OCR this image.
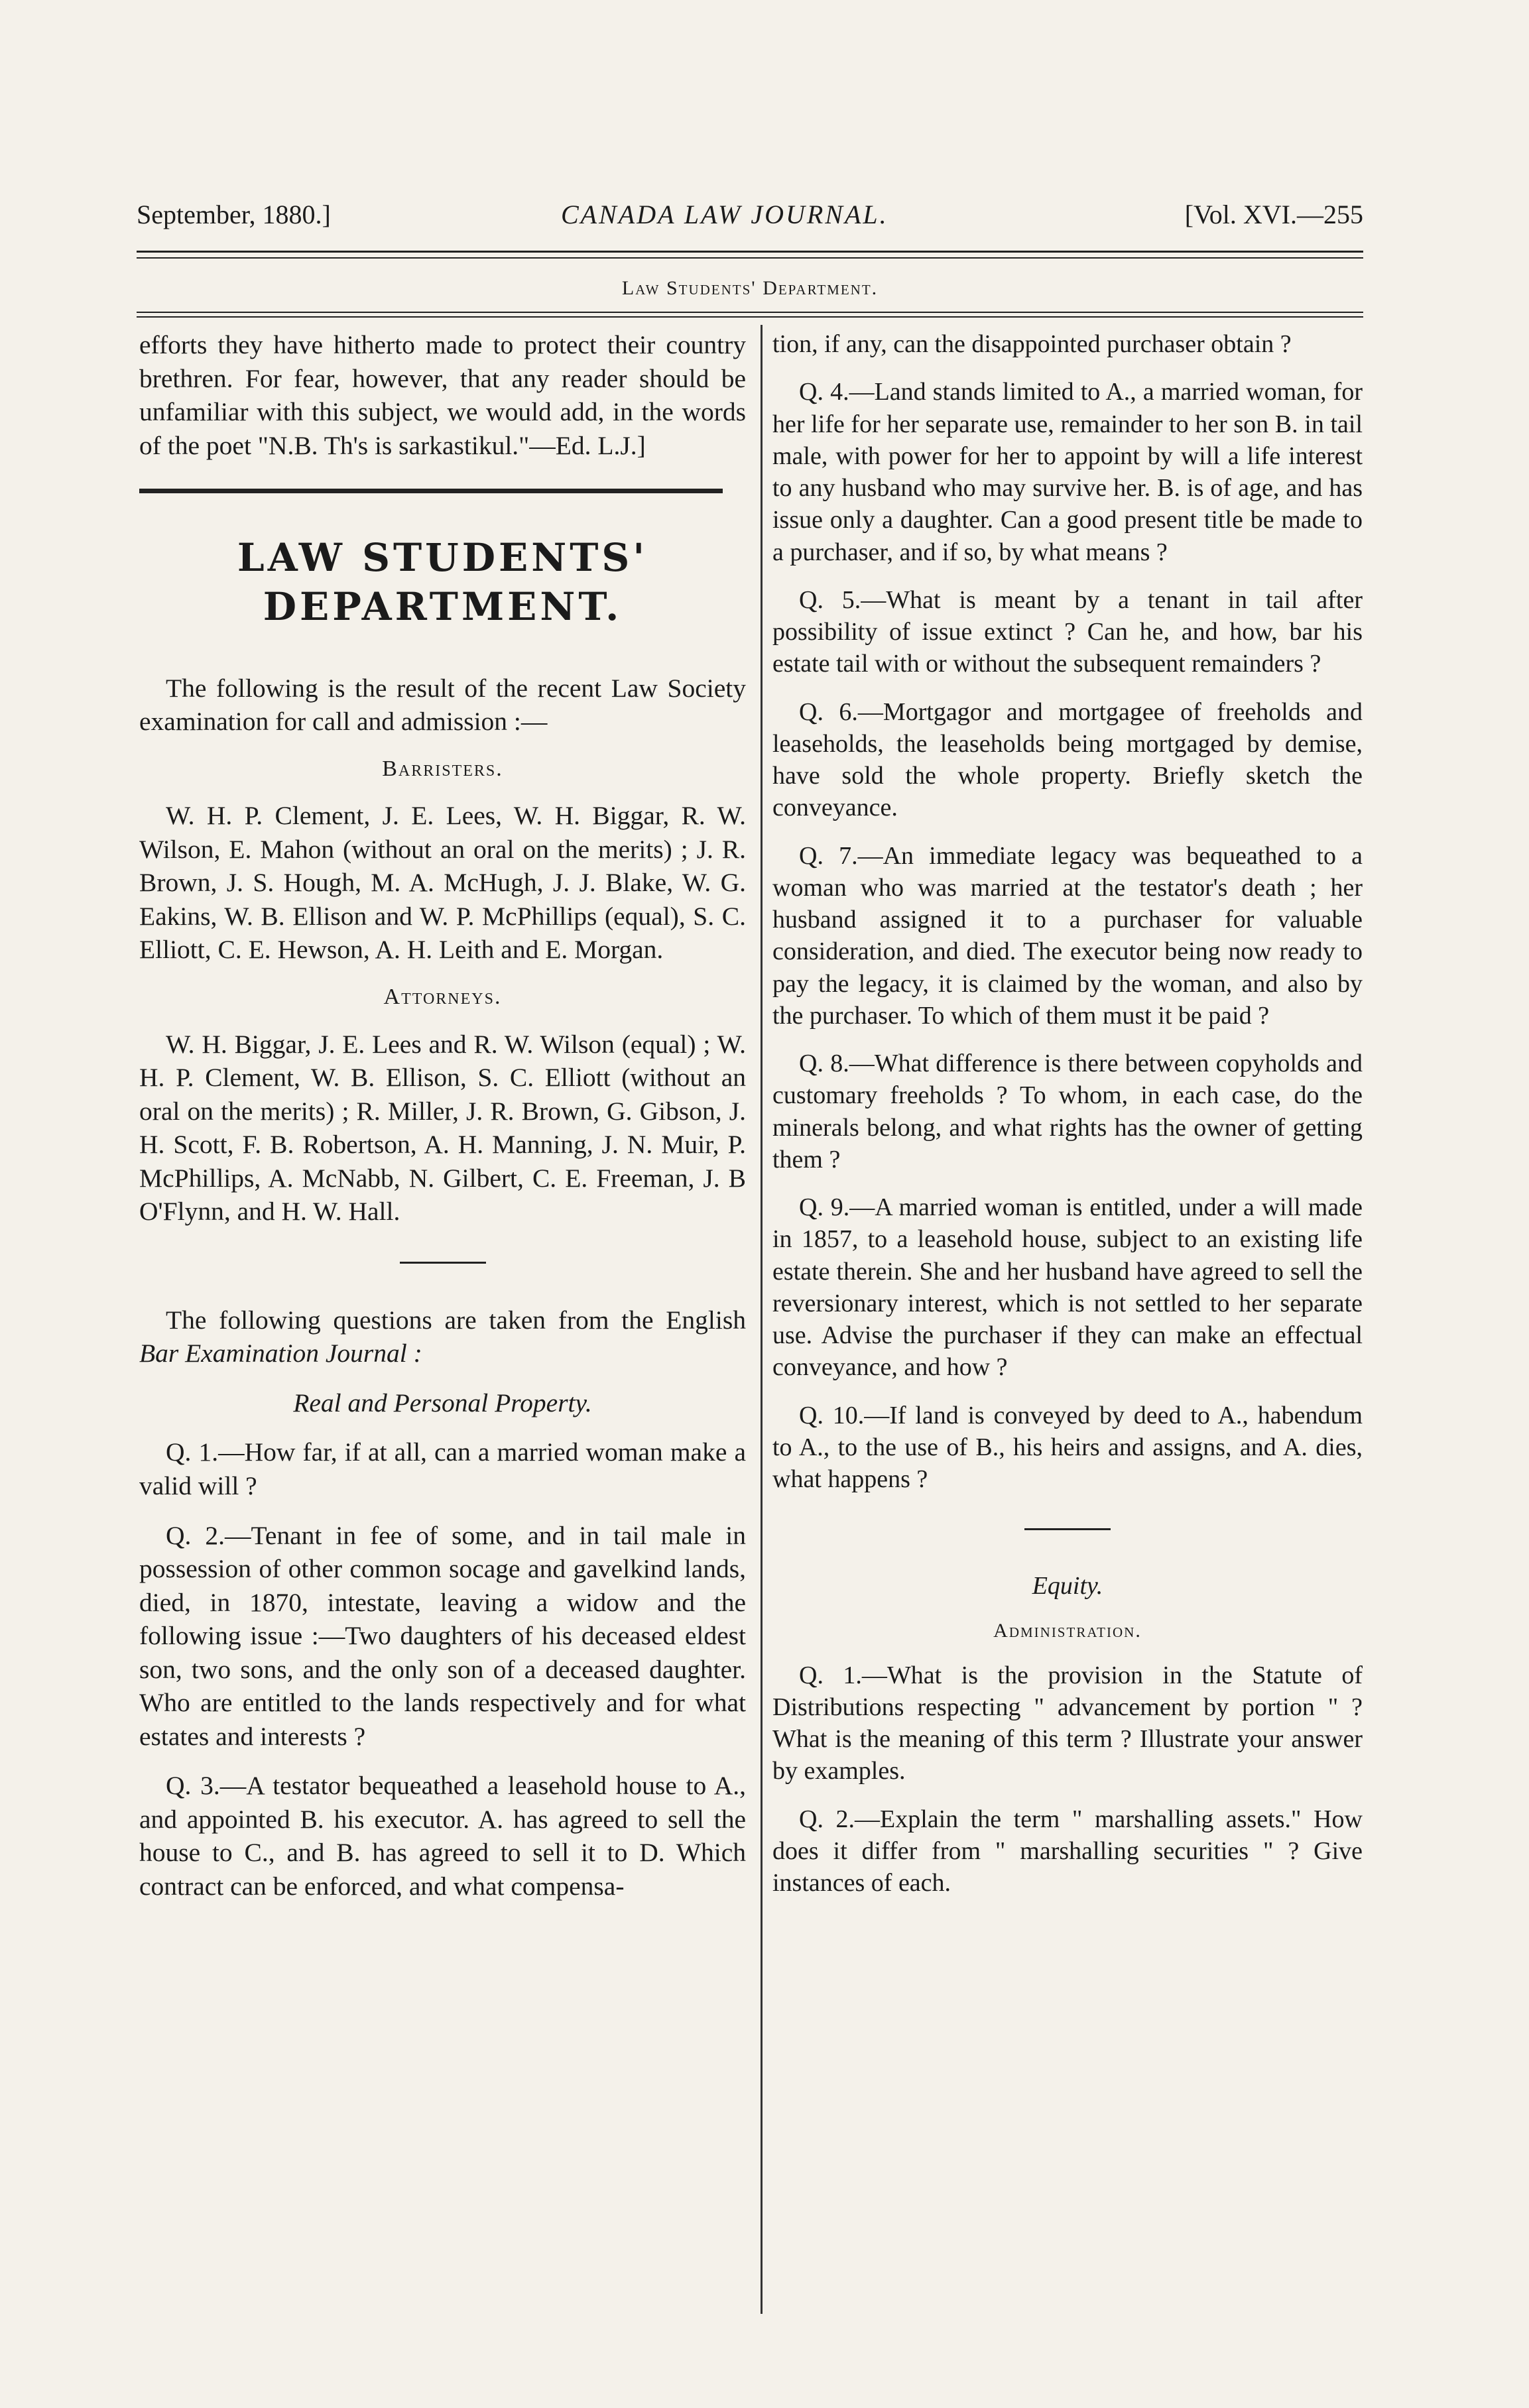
September, 1880.]	CANADA LAW JOURNAL.	[Vol. XVI.—255
Law Students' Department.

efforts they have hitherto made to protect their country brethren. For fear, however, that any reader should be unfamiliar with this subject, we would add, in the words of the poet "N.B. Th's is sarkastikul."—Ed. L.J.]

LAW STUDENTS' DEPARTMENT.

The following is the result of the recent Law Society examination for call and admission :—

Barristers.

W. H. P. Clement, J. E. Lees, W. H. Biggar, R. W. Wilson, E. Mahon (without an oral on the merits) ; J. R. Brown, J. S. Hough, M. A. McHugh, J. J. Blake, W. G. Eakins, W. B. Ellison and W. P. McPhillips (equal), S. C. Elliott, C. E. Hewson, A. H. Leith and E. Morgan.

Attorneys.

W. H. Biggar, J. E. Lees and R. W. Wilson (equal) ; W. H. P. Clement, W. B. Ellison, S. C. Elliott (without an oral on the merits) ; R. Miller, J. R. Brown, G. Gibson, J. H. Scott, F. B. Robertson, A. H. Manning, J. N. Muir, P. McPhillips, A. McNabb, N. Gilbert, C. E. Freeman, J. B O'Flynn, and H. W. Hall.

The following questions are taken from the English Bar Examination Journal :

Real and Personal Property.

Q. 1.—How far, if at all, can a married woman make a valid will ?

Q. 2.—Tenant in fee of some, and in tail male in possession of other common socage and gavelkind lands, died, in 1870, intestate, leaving a widow and the following issue :—Two daughters of his deceased eldest son, two sons, and the only son of a deceased daughter. Who are entitled to the lands respectively and for what estates and interests ?

Q. 3.—A testator bequeathed a leasehold house to A., and appointed B. his executor. A. has agreed to sell the house to C., and B. has agreed to sell it to D. Which contract can be enforced, and what compensa-

tion, if any, can the disappointed purchaser obtain ?

Q. 4.—Land stands limited to A., a married woman, for her life for her separate use, remainder to her son B. in tail male, with power for her to appoint by will a life interest to any husband who may survive her. B. is of age, and has issue only a daughter. Can a good present title be made to a purchaser, and if so, by what means ?

Q. 5.—What is meant by a tenant in tail after possibility of issue extinct ? Can he, and how, bar his estate tail with or without the subsequent remainders ?

Q. 6.—Mortgagor and mortgagee of freeholds and leaseholds, the leaseholds being mortgaged by demise, have sold the whole property. Briefly sketch the conveyance.

Q. 7.—An immediate legacy was bequeathed to a woman who was married at the testator's death ; her husband assigned it to a purchaser for valuable consideration, and died. The executor being now ready to pay the legacy, it is claimed by the woman, and also by the purchaser. To which of them must it be paid ?

Q. 8.—What difference is there between copyholds and customary freeholds ? To whom, in each case, do the minerals belong, and what rights has the owner of getting them ?

Q. 9.—A married woman is entitled, under a will made in 1857, to a leasehold house, subject to an existing life estate therein. She and her husband have agreed to sell the reversionary interest, which is not settled to her separate use. Advise the purchaser if they can make an effectual conveyance, and how ?

Q. 10.—If land is conveyed by deed to A., habendum to A., to the use of B., his heirs and assigns, and A. dies, what happens ?

Equity.

Administration.

Q. 1.—What is the provision in the Statute of Distributions respecting " advancement by portion " ? What is the meaning of this term ? Illustrate your answer by examples.

Q. 2.—Explain the term " marshalling assets." How does it differ from " marshalling securities " ? Give instances of each.
